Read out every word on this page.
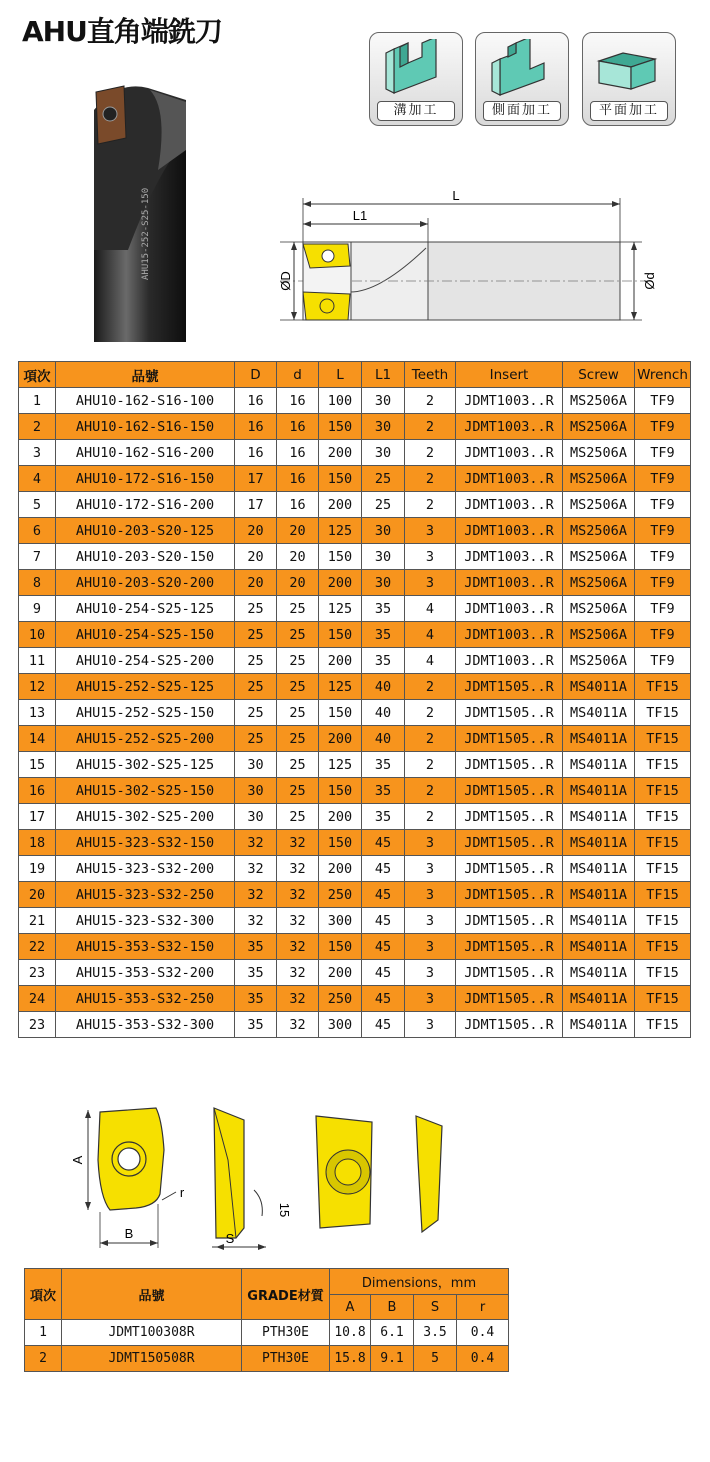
AHU直角端銑刀
溝加工	側面加工	平面加工
AHU15-252-S25-150	L
L1
ØD	Ød
項次	品號	D	d	L	L1	Teeth	Insert	Screw	Wrench
1	AHU10-162-S16-100	16	16	100	30	2	JDMT1003..R	MS2506A	TF9
2	AHU10-162-S16-150	16	16	150	30	2	JDMT1003..R	MS2506A	TF9
3	AHU10-162-S16-200	16	16	200	30	2	JDMT1003..R	MS2506A	TF9
4	AHU10-172-S16-150	17	16	150	25	2	JDMT1003..R	MS2506A	TF9
5	AHU10-172-S16-200	17	16	200	25	2	JDMT1003..R	MS2506A	TF9
6	AHU10-203-S20-125	20	20	125	30	3	JDMT1003..R	MS2506A	TF9
7	AHU10-203-S20-150	20	20	150	30	3	JDMT1003..R	MS2506A	TF9
8	AHU10-203-S20-200	20	20	200	30	3	JDMT1003..R	MS2506A	TF9
9	AHU10-254-S25-125	25	25	125	35	4	JDMT1003..R	MS2506A	TF9
10	AHU10-254-S25-150	25	25	150	35	4	JDMT1003..R	MS2506A	TF9
11	AHU10-254-S25-200	25	25	200	35	4	JDMT1003..R	MS2506A	TF9
12	AHU15-252-S25-125	25	25	125	40	2	JDMT1505..R	MS4011A	TF15
13	AHU15-252-S25-150	25	25	150	40	2	JDMT1505..R	MS4011A	TF15
14	AHU15-252-S25-200	25	25	200	40	2	JDMT1505..R	MS4011A	TF15
15	AHU15-302-S25-125	30	25	125	35	2	JDMT1505..R	MS4011A	TF15
16	AHU15-302-S25-150	30	25	150	35	2	JDMT1505..R	MS4011A	TF15
17	AHU15-302-S25-200	30	25	200	35	2	JDMT1505..R	MS4011A	TF15
18	AHU15-323-S32-150	32	32	150	45	3	JDMT1505..R	MS4011A	TF15
19	AHU15-323-S32-200	32	32	200	45	3	JDMT1505..R	MS4011A	TF15
20	AHU15-323-S32-250	32	32	250	45	3	JDMT1505..R	MS4011A	TF15
21	AHU15-323-S32-300	32	32	300	45	3	JDMT1505..R	MS4011A	TF15
22	AHU15-353-S32-150	35	32	150	45	3	JDMT1505..R	MS4011A	TF15
23	AHU15-353-S32-200	35	32	200	45	3	JDMT1505..R	MS4011A	TF15
24	AHU15-353-S32-250	35	32	250	45	3	JDMT1505..R	MS4011A	TF15
23	AHU15-353-S32-300	35	32	300	45	3	JDMT1505..R	MS4011A	TF15
A
B
r
S
15
項次	品號	GRADE材質	Dimensions，mm			
			A	B	S	r
1	JDMT100308R	PTH30E	10.8	6.1	3.5	0.4
2	JDMT150508R	PTH30E	15.8	9.1	5	0.4
